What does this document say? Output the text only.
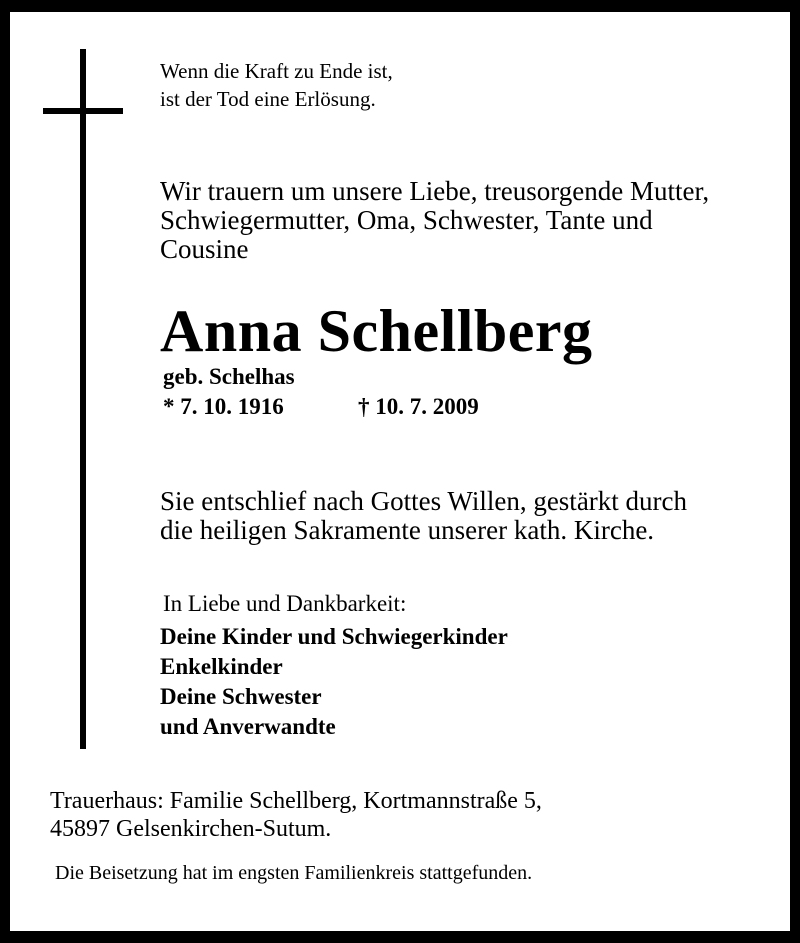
Wenn die Kraft zu Ende ist,
ist der Tod eine Erlösung.

Wir trauern um unsere Liebe, treusorgende Mutter,
Schwiegermutter, Oma, Schwester, Tante und
Cousine

Anna Schellberg

geb. Schelhas

* 7. 10. 1916	† 10. 7. 2009

Sie entschlief nach Gottes Willen, gestärkt durch
die heiligen Sakramente unserer kath. Kirche.

In Liebe und Dankbarkeit:

Deine Kinder und Schwiegerkinder
Enkelkinder
Deine Schwester
und Anverwandte

Trauerhaus: Familie Schellberg, Kortmannstraße 5,
45897 Gelsenkirchen-Sutum.

Die Beisetzung hat im engsten Familienkreis stattgefunden.
